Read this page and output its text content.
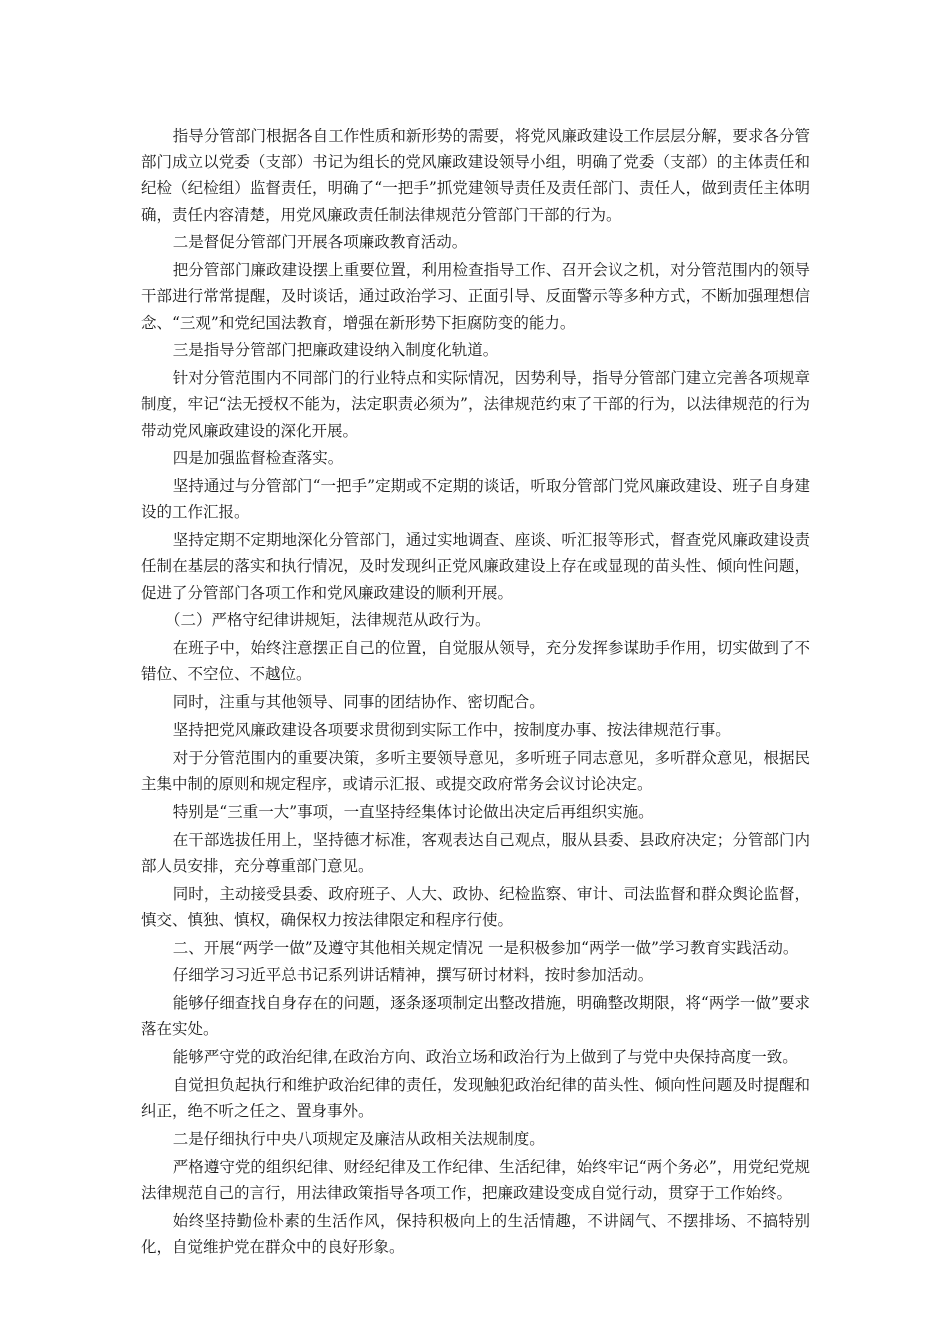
指导分管部门根据各自工作性质和新形势的需要，将党风廉政建设工作层层分解，要求各分管部门成立以党委（支部）书记为组长的党风廉政建设领导小组，明确了党委（支部）的主体责任和纪检（纪检组）监督责任，明确了“一把手”抓党建领导责任及责任部门、责任人，做到责任主体明确，责任内容清楚，用党风廉政责任制法律规范分管部门干部的行为。

二是督促分管部门开展各项廉政教育活动。

把分管部门廉政建设摆上重要位置，利用检查指导工作、召开会议之机，对分管范围内的领导干部进行常常提醒，及时谈话，通过政治学习、正面引导、反面警示等多种方式，不断加强理想信念、“三观”和党纪国法教育，增强在新形势下拒腐防变的能力。

三是指导分管部门把廉政建设纳入制度化轨道。

针对分管范围内不同部门的行业特点和实际情况，因势利导，指导分管部门建立完善各项规章制度，牢记“法无授权不能为，法定职责必须为”，法律规范约束了干部的行为，以法律规范的行为带动党风廉政建设的深化开展。

四是加强监督检查落实。

坚持通过与分管部门“一把手”定期或不定期的谈话，听取分管部门党风廉政建设、班子自身建设的工作汇报。

坚持定期不定期地深化分管部门，通过实地调查、座谈、听汇报等形式，督查党风廉政建设责任制在基层的落实和执行情况，及时发现纠正党风廉政建设上存在或显现的苗头性、倾向性问题，促进了分管部门各项工作和党风廉政建设的顺利开展。

（二）严格守纪律讲规矩，法律规范从政行为。

在班子中，始终注意摆正自己的位置，自觉服从领导，充分发挥参谋助手作用，切实做到了不错位、不空位、不越位。

同时，注重与其他领导、同事的团结协作、密切配合。

坚持把党风廉政建设各项要求贯彻到实际工作中，按制度办事、按法律规范行事。

对于分管范围内的重要决策，多听主要领导意见，多听班子同志意见，多听群众意见，根据民主集中制的原则和规定程序，或请示汇报、或提交政府常务会议讨论决定。

特别是“三重一大”事项，一直坚持经集体讨论做出决定后再组织实施。

在干部选拔任用上，坚持德才标准，客观表达自己观点，服从县委、县政府决定；分管部门内部人员安排，充分尊重部门意见。

同时，主动接受县委、政府班子、人大、政协、纪检监察、审计、司法监督和群众舆论监督，慎交、慎独、慎权，确保权力按法律限定和程序行使。

二、开展“两学一做”及遵守其他相关规定情况 一是积极参加“两学一做”学习教育实践活动。

仔细学习习近平总书记系列讲话精神，撰写研讨材料，按时参加活动。

能够仔细查找自身存在的问题，逐条逐项制定出整改措施，明确整改期限，将“两学一做”要求落在实处。

能够严守党的政治纪律,在政治方向、政治立场和政治行为上做到了与党中央保持高度一致。

自觉担负起执行和维护政治纪律的责任，发现触犯政治纪律的苗头性、倾向性问题及时提醒和纠正，绝不听之任之、置身事外。

二是仔细执行中央八项规定及廉洁从政相关法规制度。

严格遵守党的组织纪律、财经纪律及工作纪律、生活纪律，始终牢记“两个务必”，用党纪党规法律规范自己的言行，用法律政策指导各项工作，把廉政建设变成自觉行动，贯穿于工作始终。

始终坚持勤俭朴素的生活作风，保持积极向上的生活情趣，不讲阔气、不摆排场、不搞特别化，自觉维护党在群众中的良好形象。
